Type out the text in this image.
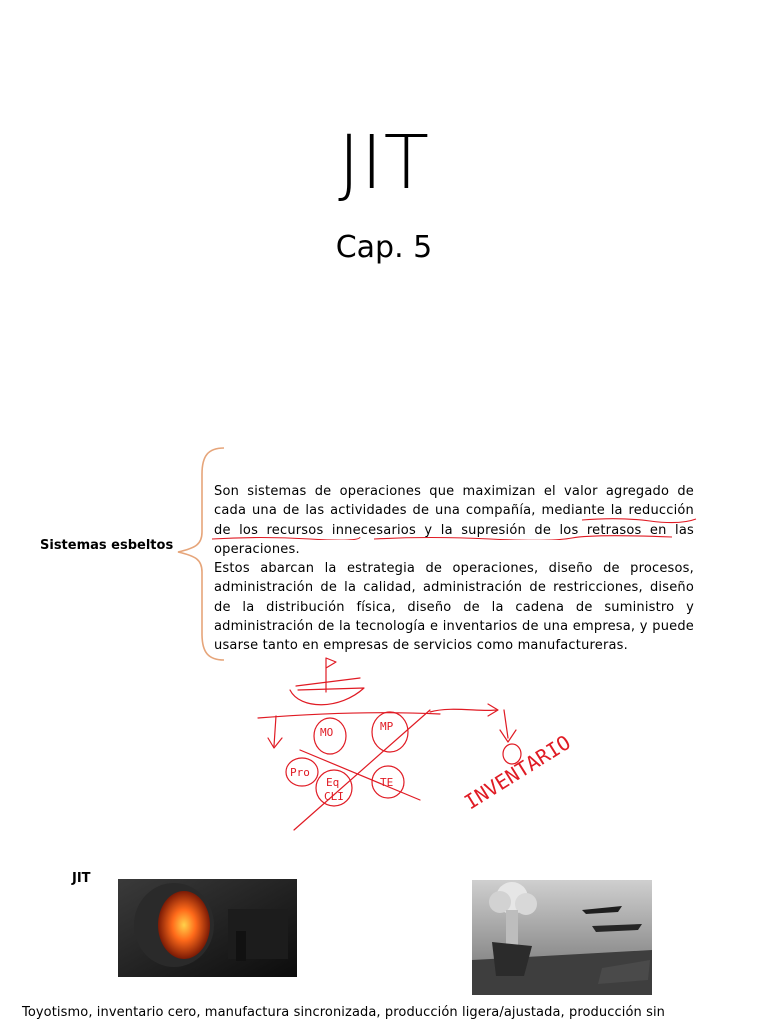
JIT
Cap. 5
Sistemas esbeltos

Son sistemas de operaciones que maximizan el valor agregado de cada una de las actividades de una compañía, mediante la reducción de los recursos innecesarios y la supresión de los retrasos en las operaciones.

Estos abarcan la estrategia de operaciones, diseño de procesos, administración de la calidad, administración de restricciones, diseño de la distribución física, diseño de la cadena de suministro y administración de la tecnología e inventarios de una empresa, y puede usarse tanto en empresas de servicios como manufactureras.

MO	MP
Pro
Eq
CLI
TE	INVENTARIO
JIT
Toyotismo, inventario cero, manufactura sincronizada, producción ligera/ajustada, producción sin
